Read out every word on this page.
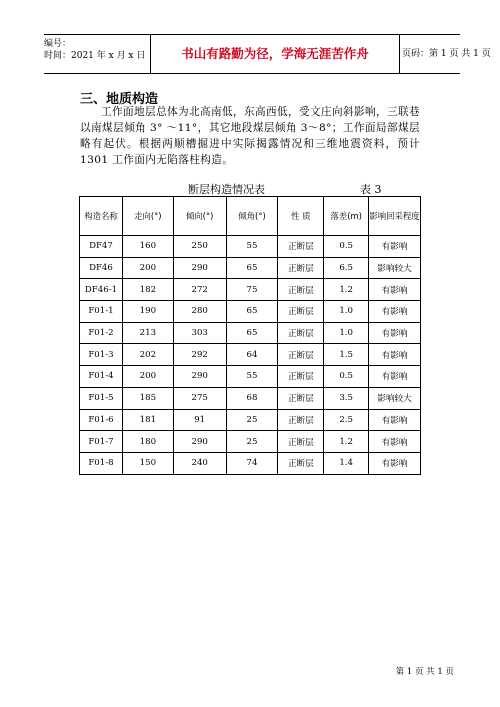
编号：
时间：2021 年 x 月 x 日	书山有路勤为径，学海无涯苦作舟	页码：第 1 页 共 1 页
三、地质构造
工作面地层总体为北高南低，东高西低，受文庄向斜影响，三联巷以南煤层倾角 3° ～11°，其它地段煤层倾角 3～8°；工作面局部煤层略有起伏。根据两顺槽掘进中实际揭露情况和三维地震资料，预计 1301 工作面内无陷落柱构造。
断层构造情况表	表 3
构造名称	走向(°)	倾向(°)	倾角(°)	性 质	落差(m)	影响回采程度
DF47	160	250	55	正断层	0.5	有影响
DF46	200	290	65	正断层	6.5	影响较大
DF46-1	182	272	75	正断层	1.2	有影响
F01-1	190	280	65	正断层	1.0	有影响
F01-2	213	303	65	正断层	1.0	有影响
F01-3	202	292	64	正断层	1.5	有影响
F01-4	200	290	55	正断层	0.5	有影响
F01-5	185	275	68	正断层	3.5	影响较大
F01-6	181	91	25	正断层	2.5	有影响
F01-7	180	290	25	正断层	1.2	有影响
F01-8	150	240	74	正断层	1.4	有影响
第 1 页 共 1 页
